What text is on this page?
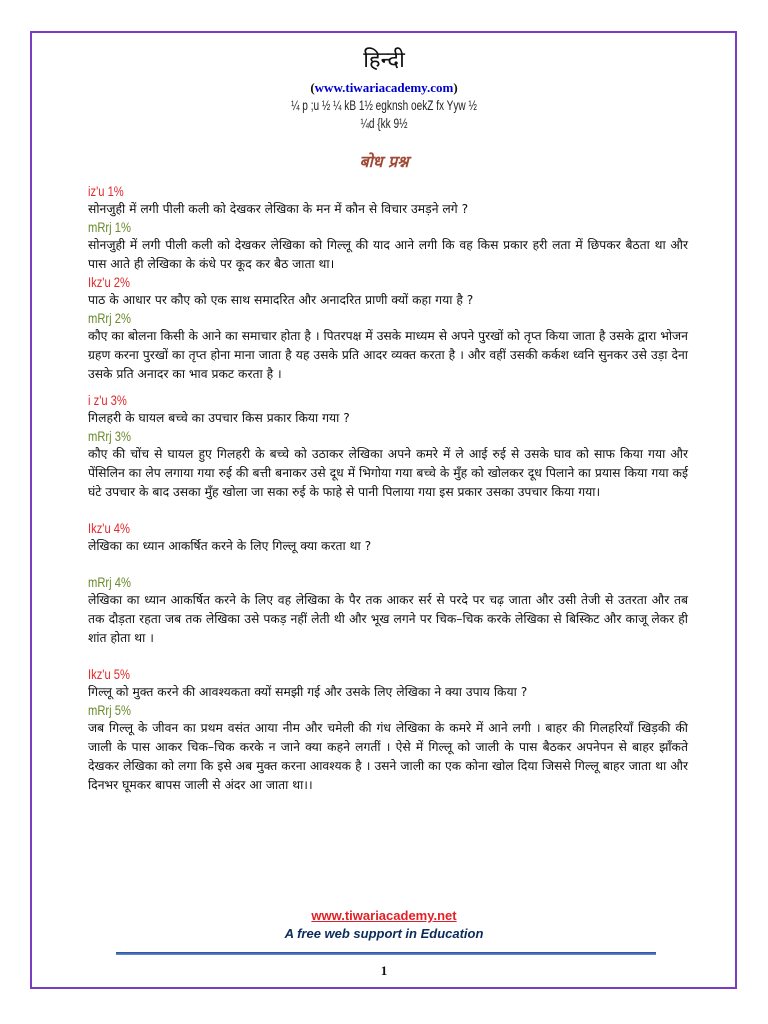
हिन्दी
(www.tiwariacademy.com)
¼ p ;u ½ ¼ kB 1½ egknsh oekZ fx Yyw ½
¼d {kk 9½
बोध प्रश्न
iz'u 1%

सोनजुही में लगी पीली कली को देखकर लेखिका के मन में कौन से विचार उमड़ने लगे ?

mRrj 1%

सोनजुही में लगी पीली कली को देखकर लेखिका को गिल्लू की याद आने लगी कि वह किस प्रकार हरी लता में छिपकर बैठता था और पास आते ही लेखिका के कंधे पर कूद कर बैठ जाता था।

Ikz'u 2%

पाठ के आधार पर कौए को एक साथ समादरित और अनादरित प्राणी क्यों कहा गया है ?

mRrj 2%

कौए का बोलना किसी के आने का समाचार होता है । पितरपक्ष में उसके माध्यम से अपने पुरखों को तृप्त किया जाता है उसके द्वारा भोजन ग्रहण करना पुरखों का तृप्त होना माना जाता है यह उसके प्रति आदर व्यक्त करता है । और वहीं उसकी कर्कश ध्वनि सुनकर उसे उड़ा देना उसके प्रति अनादर का भाव प्रकट करता है ।

i z'u 3%

गिलहरी के घायल बच्चे का उपचार किस प्रकार किया गया ?

mRrj 3%

कौए की चोंच से घायल हुए गिलहरी के बच्चे को उठाकर लेखिका अपने कमरे में ले आई रुई से उसके घाव को साफ किया गया और पेंसिलिन का लेप लगाया गया रुई की बत्ती बनाकर उसे दूध में भिगोया गया बच्चे के मुँह को खोलकर दूध पिलाने का प्रयास किया गया कई घंटे उपचार के बाद उसका मुँह खोला जा सका रुई के फाहे से पानी पिलाया गया इस प्रकार उसका उपचार किया गया।

Ikz'u 4%

लेखिका का ध्यान आकर्षित करने के लिए गिल्लू क्या करता था ?

mRrj 4%

लेखिका का ध्यान आकर्षित करने के लिए वह लेखिका के पैर तक आकर सर्र से परदे पर चढ़ जाता और उसी तेजी से उतरता और तब तक दौड़ता रहता जब तक लेखिका उसे पकड़ नहीं लेती थी और भूख लगने पर चिक–चिक करके लेखिका से बिस्किट और काजू लेकर ही शांत होता था ।

Ikz'u 5%

गिल्लू को मुक्त करने की आवश्यकता क्यों समझी गई और उसके लिए लेखिका ने क्या उपाय किया ?

mRrj 5%

जब गिल्लू के जीवन का प्रथम वसंत आया नीम और चमेली की गंध लेखिका के कमरे में आने लगी । बाहर की गिलहरियाँ खिड़की की जाली के पास आकर चिक–चिक करके न जाने क्या कहने लगतीं । ऐसे में गिल्लू को जाली के पास बैठकर अपनेपन से बाहर झाँकते देखकर लेखिका को लगा कि इसे अब मुक्त करना आवश्यक है । उसने जाली का एक कोना खोल दिया जिससे गिल्लू बाहर जाता था और दिनभर घूमकर बापस जाली से अंदर आ जाता था।।

www.tiwariacademy.net
A free web support in Education
1
